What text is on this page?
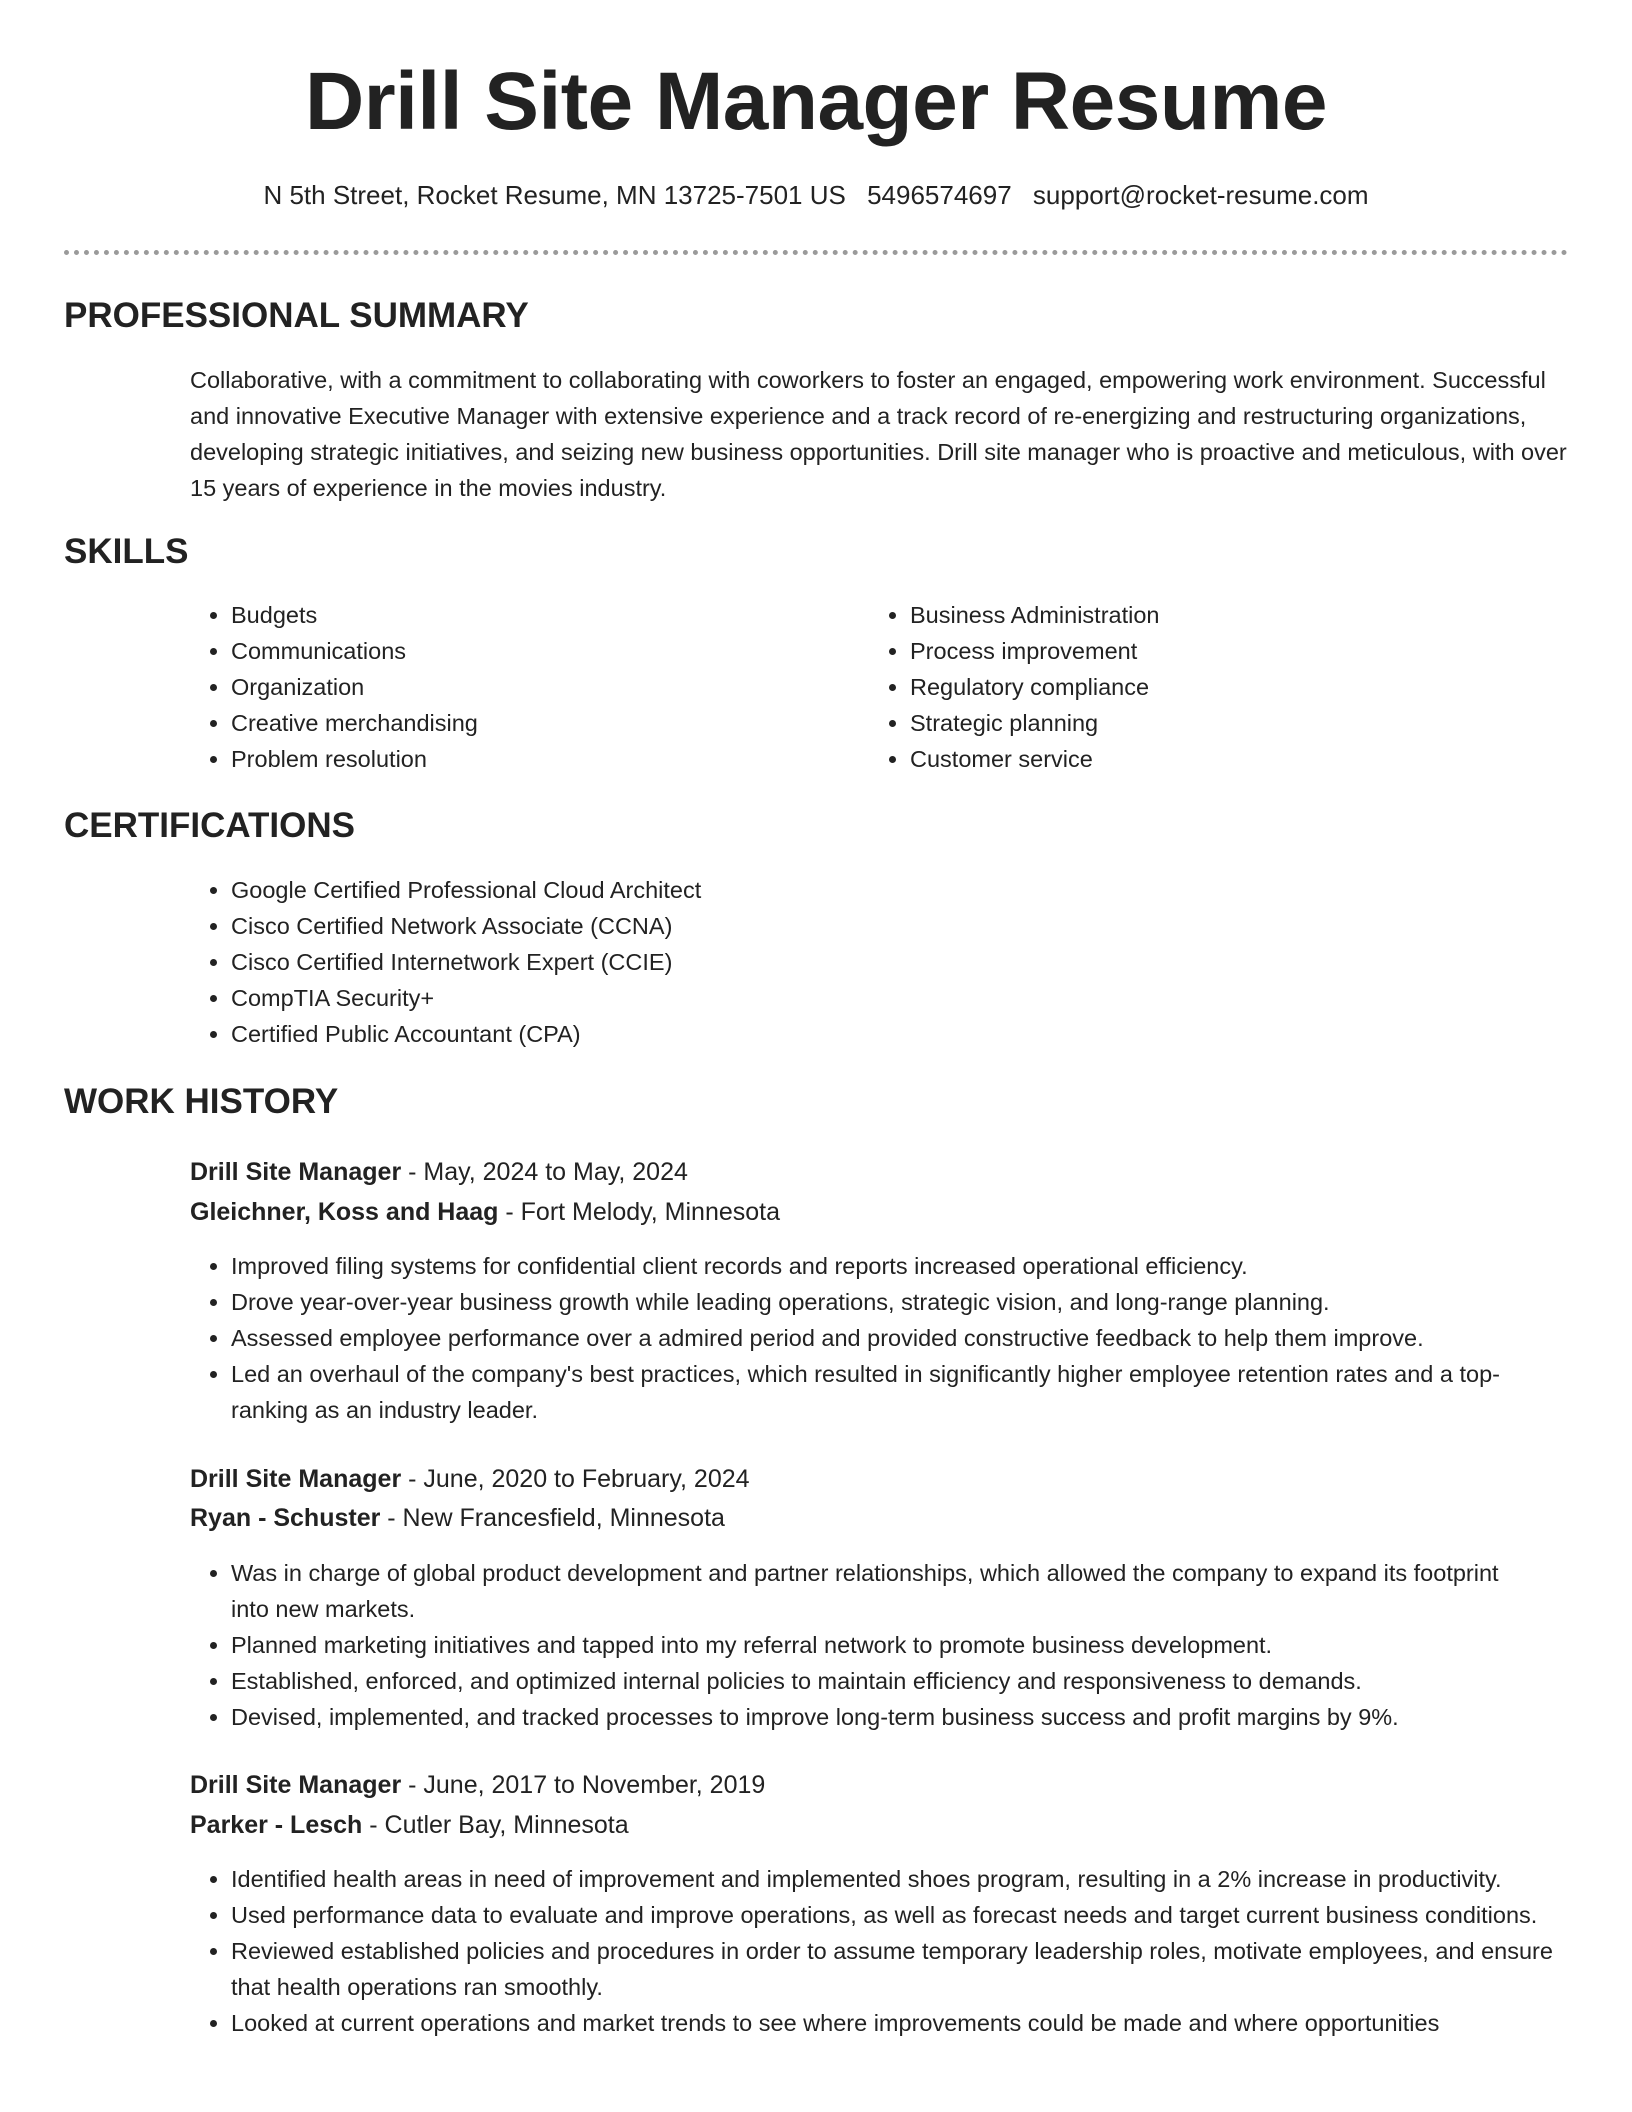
Drill Site Manager Resume
N 5th Street, Rocket Resume, MN 13725-7501 US 5496574697 support@rocket-resume.com
PROFESSIONAL SUMMARY

Collaborative, with a commitment to collaborating with coworkers to foster an engaged, empowering work environment. Successful and innovative Executive Manager with extensive experience and a track record of re-energizing and restructuring organizations, developing strategic initiatives, and seizing new business opportunities. Drill site manager who is proactive and meticulous, with over 15 years of experience in the movies industry.

SKILLS
• Budgets
• Communications
• Organization
• Creative merchandising
• Problem resolution
• Business Administration
• Process improvement
• Regulatory compliance
• Strategic planning
• Customer service
CERTIFICATIONS
• Google Certified Professional Cloud Architect
• Cisco Certified Network Associate (CCNA)
• Cisco Certified Internetwork Expert (CCIE)
• CompTIA Security+
• Certified Public Accountant (CPA)
WORK HISTORY
Drill Site Manager - May, 2024 to May, 2024
Gleichner, Koss and Haag - Fort Melody, Minnesota
• Improved filing systems for confidential client records and reports increased operational efficiency.
• Drove year-over-year business growth while leading operations, strategic vision, and long-range planning.
• Assessed employee performance over a admired period and provided constructive feedback to help them improve.
• Led an overhaul of the company's best practices, which resulted in significantly higher employee retention rates and a top-ranking as an industry leader.
Drill Site Manager - June, 2020 to February, 2024
Ryan - Schuster - New Francesfield, Minnesota
• Was in charge of global product development and partner relationships, which allowed the company to expand its footprint into new markets.
• Planned marketing initiatives and tapped into my referral network to promote business development.
• Established, enforced, and optimized internal policies to maintain efficiency and responsiveness to demands.
• Devised, implemented, and tracked processes to improve long-term business success and profit margins by 9%.
Drill Site Manager - June, 2017 to November, 2019
Parker - Lesch - Cutler Bay, Minnesota
• Identified health areas in need of improvement and implemented shoes program, resulting in a 2% increase in productivity.
• Used performance data to evaluate and improve operations, as well as forecast needs and target current business conditions.
• Reviewed established policies and procedures in order to assume temporary leadership roles, motivate employees, and ensure that health operations ran smoothly.
• Looked at current operations and market trends to see where improvements could be made and where opportunities
